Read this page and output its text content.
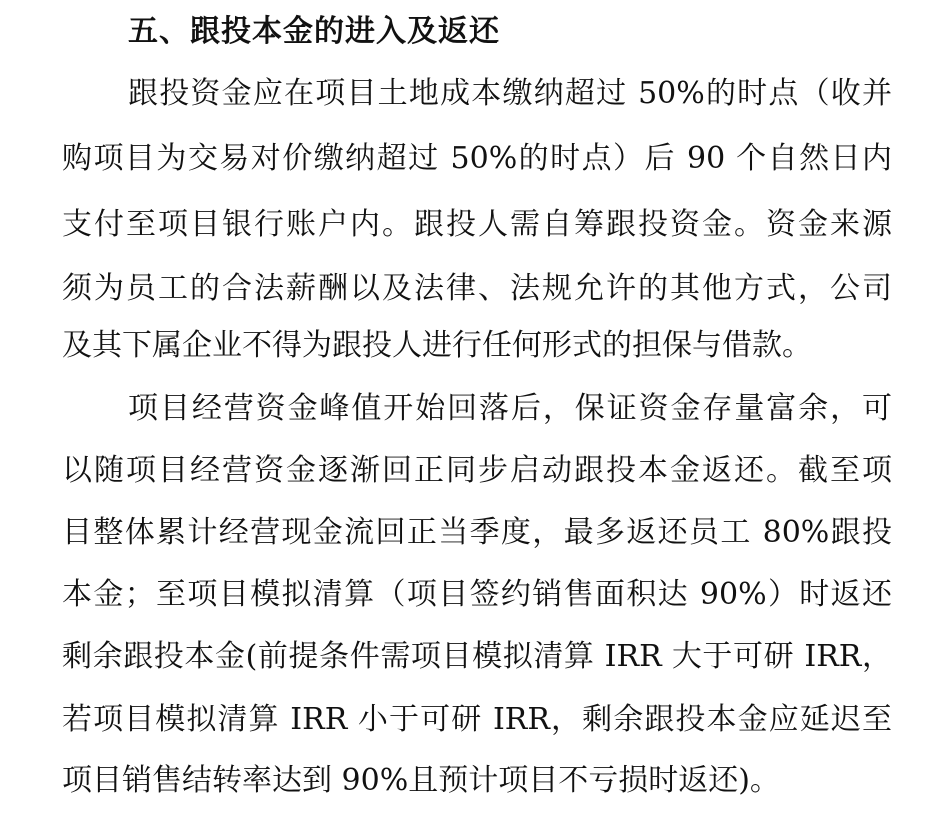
五、跟投本金的进入及返还
跟投资金应在项目土地成本缴纳超过 50%的时点（收并
购项目为交易对价缴纳超过 50%的时点）后 90 个自然日内
支付至项目银行账户内。跟投人需自筹跟投资金。资金来源
须为员工的合法薪酬以及法律、法规允许的其他方式，公司
及其下属企业不得为跟投人进行任何形式的担保与借款。
项目经营资金峰值开始回落后，保证资金存量富余，可
以随项目经营资金逐渐回正同步启动跟投本金返还。截至项
目整体累计经营现金流回正当季度，最多返还员工 80%跟投
本金；至项目模拟清算（项目签约销售面积达 90%）时返还
剩余跟投本金(前提条件需项目模拟清算 IRR 大于可研 IRR，
若项目模拟清算 IRR 小于可研 IRR，剩余跟投本金应延迟至
项目销售结转率达到 90%且预计项目不亏损时返还)。
